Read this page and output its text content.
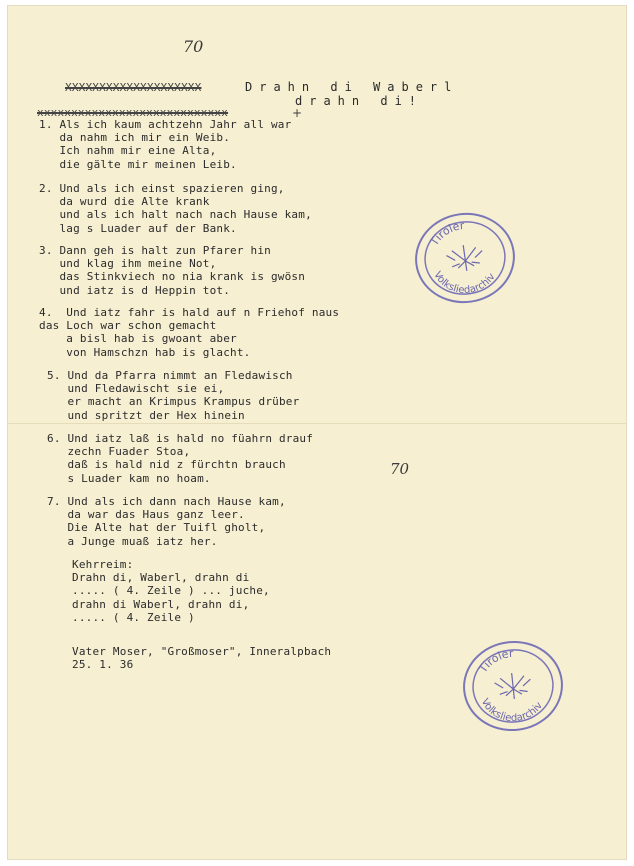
70
70
+
XXXXXXXXXXXXXXXXXXXX	Drahn di Waberl
drahn di!
xxxxxxxxxxxxxxxxxxxxxxxxxxxx
1. Als ich kaum achtzehn Jahr all war
da nahm ich mir ein Weib.
Ich nahm mir eine Alta,
die gälte mir meinen Leib.
2. Und als ich einst spazieren ging,
da wurd die Alte krank
und als ich halt nach nach Hause kam,
lag s Luader auf der Bank.
3. Dann geh is halt zun Pfarer hin
und klag ihm meine Not,
das Stinkviech no nia krank is gwösn
und iatz is d Heppin tot.
4.  Und iatz fahr is hald auf n Friehof naus
das Loch war schon gemacht
a bisl hab is gwoant aber
von Hamschzn hab is glacht.
5. Und da Pfarra nimmt an Fledawisch
und Fledawischt sie ei,
er macht an Krimpus Krampus drüber
und spritzt der Hex hinein
6. Und iatz laß is hald no füahrn drauf
zechn Fuader Stoa,
daß is hald nid z fürchtn brauch
s Luader kam no hoam.
7. Und als ich dann nach Hause kam,
da war das Haus ganz leer.
Die Alte hat der Tuifl gholt,
a Junge muaß iatz her.
Kehrreim:
Drahn di, Waberl, drahn di
..... ( 4. Zeile ) ... juche,
drahn di Waberl, drahn di,
..... ( 4. Zeile )
Vater Moser, "Großmoser", Inneralpbach
25. 1. 36
Tiroler
Volksliedarchiv
Tiroler
Volksliedarchiv
